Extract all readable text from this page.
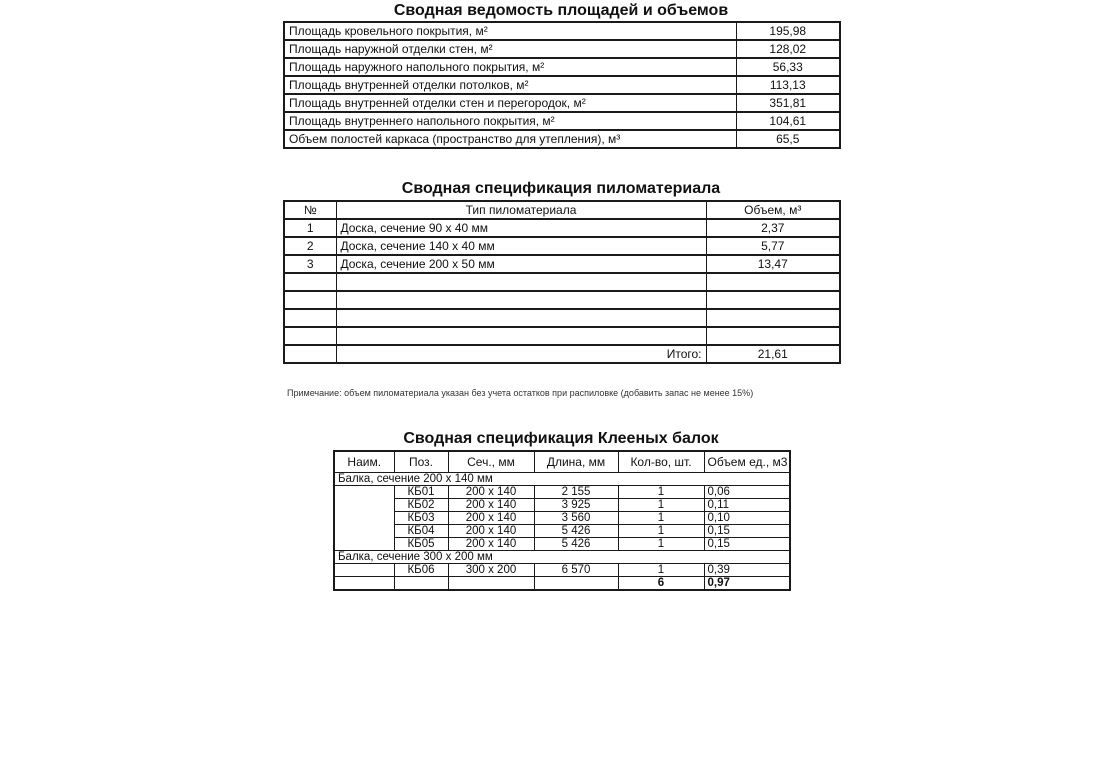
Сводная ведомость площадей и объемов
Площадь кровельного покрытия, м²	195,98
Площадь наружной отделки стен, м²	128,02
Площадь наружного напольного покрытия, м²	56,33
Площадь внутренней отделки потолков, м²	113,13
Площадь внутренней отделки стен и перегородок, м²	351,81
Площадь внутреннего напольного покрытия, м²	104,61
Объем полостей каркаса (пространство для утепления), м³	65,5
Сводная спецификация пиломатериала
№	Тип пиломатериала	Объем, м³
1	Доска, сечение 90 х 40 мм	2,37
2	Доска, сечение 140 х 40 мм	5,77
3	Доска, сечение 200 х 50 мм	13,47

	Итого:	21,61
Примечание: объем пиломатериала указан без учета остатков при распиловке (добавить запас не менее 15%)
Сводная спецификация Клееных балок
Наим.	Поз.	Сеч., мм	Длина, мм	Кол-во, шт.	Объем ед., м3
Балка, сечение 200 х 140 мм					
	КБ01	200 х 140	2 155	1	0,06
	КБ02	200 х 140	3 925	1	0,11
	КБ03	200 х 140	3 560	1	0,10
	КБ04	200 х 140	5 426	1	0,15
	КБ05	200 х 140	5 426	1	0,15
Балка, сечение 300 х 200 мм					
	КБ06	300 х 200	6 570	1	0,39
				6	0,97
